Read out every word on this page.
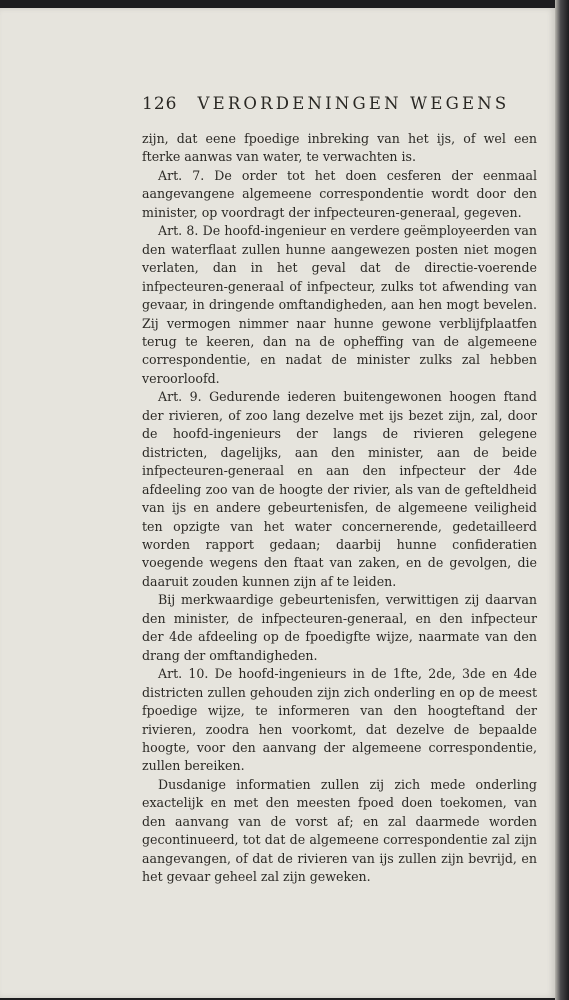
126 VERORDENINGEN WEGENS

zijn, dat eene fpoedige inbreking van het ijs, of wel een fterke aanwas van water, te verwachten is.

Art. 7. De order tot het doen cesferen der eenmaal aangevangene algemeene correspondentie wordt door den minister, op voordragt der infpecteuren-generaal, gegeven.

Art. 8. De hoofd-ingenieur en verdere geëmployeerden van den waterflaat zullen hunne aangewezen posten niet mogen verlaten, dan in het geval dat de directie-voerende infpecteuren-generaal of infpecteur, zulks tot afwending van gevaar, in dringende omftandigheden, aan hen mogt bevelen. Zij vermogen nimmer naar hunne gewone verblijfplaatfen terug te keeren, dan na de opheffing van de algemeene correspondentie, en nadat de minister zulks zal hebben veroorloofd.

Art. 9. Gedurende iederen buitengewonen hoogen ftand der rivieren, of zoo lang dezelve met ijs bezet zijn, zal, door de hoofd-ingenieurs der langs de rivieren gelegene districten, dagelijks, aan den minister, aan de beide infpecteuren-generaal en aan den infpecteur der 4de afdeeling zoo van de hoogte der rivier, als van de gefteldheid van ijs en andere gebeurtenisfen, de algemeene veiligheid ten opzigte van het water concernerende, gedetailleerd worden rapport gedaan; daarbij hunne confideratien voegende wegens den ftaat van zaken, en de gevolgen, die daaruit zouden kunnen zijn af te leiden.

Bij merkwaardige gebeurtenisfen, verwittigen zij daarvan den minister, de infpecteuren-generaal, en den infpecteur der 4de afdeeling op de fpoedigfte wijze, naarmate van den drang der omftandigheden.

Art. 10. De hoofd-ingenieurs in de 1fte, 2de, 3de en 4de districten zullen gehouden zijn zich onderling en op de meest fpoedige wijze, te informeren van den hoogteftand der rivieren, zoodra hen voorkomt, dat dezelve de bepaalde hoogte, voor den aanvang der algemeene correspondentie, zullen bereiken.

Dusdanige informatien zullen zij zich mede onderling exactelijk en met den meesten fpoed doen toekomen, van den aanvang van de vorst af; en zal daarmede worden gecontinueerd, tot dat de algemeene correspondentie zal zijn aangevangen, of dat de rivieren van ijs zullen zijn bevrijd, en het gevaar geheel zal zijn geweken.
